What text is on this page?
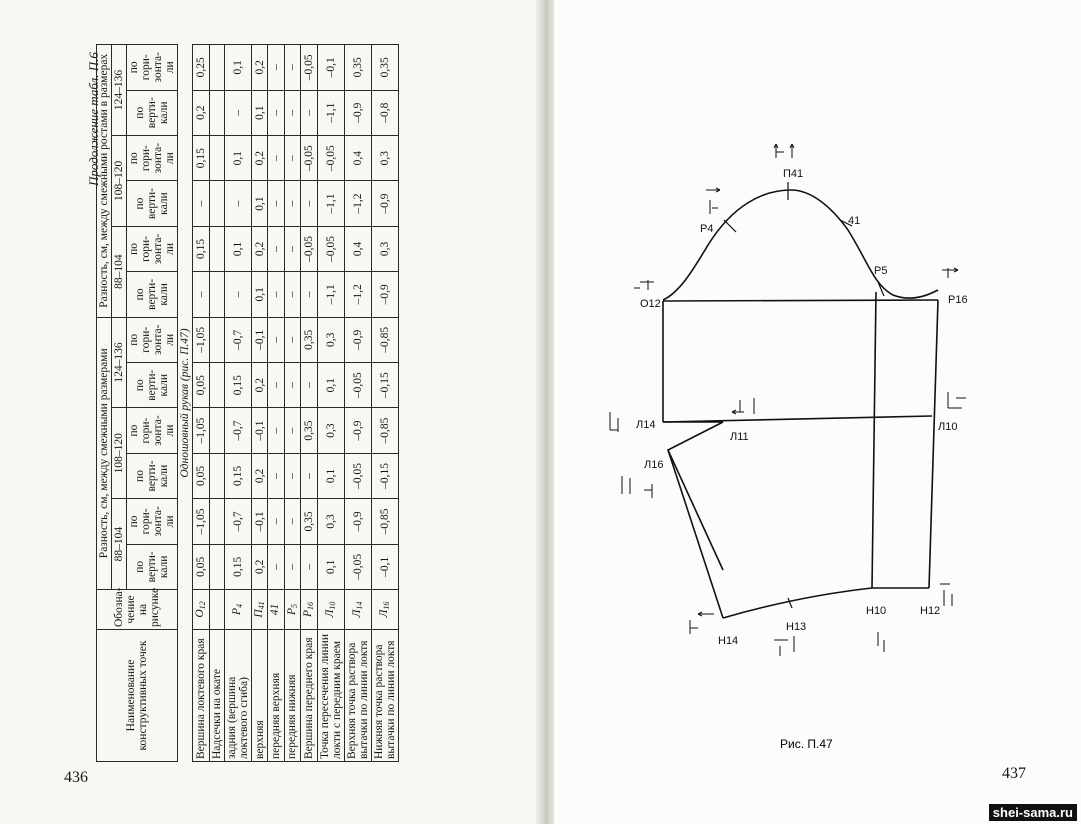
Продолжение табл. П.6
Наименование конструктивных точек	Обозна-чение на рисунке	Разность, см, между смежными размерами						Разность, см, между смежными ростами в размерах					
		88–104		108–120		124–136		88–104		108–120		124–136	
		по верти-кали	по гори-зонта-ли	по верти-кали	по гори-зонта-ли	по верти-кали	по гори-зонта-ли	по верти-кали	по гори-зонта-ли	по верти-кали	по гори-зонта-ли	по верти-кали	по гори-зонта-ли
Одношовный рукав (рис. П.47)													
Вершина локтевого края	$O_{12}$	0,05	–1,05	0,05	–1,05	0,05	–1,05	–	0,15	–	0,15	0,2	0,25
Надсечки на окате													
задния (вершина локтевого сгиба)	$Р_4$	0,15	–0,7	0,15	–0,7	0,15	–0,7	–	0,1	–	0,1	–	0,1
верхняя	$П_{41}$	0,2	–0,1	0,2	–0,1	0,2	–0,1	0,1	0,2	0,1	0,2	0,1	0,2
передняя верхняя	41	–	–	–	–	–	–	–	–	–	–	–	–
передняя нижняя	$Р_5$	–	–	–	–	–	–	–	–	–	–	–	–
Вершина переднего края	$Р_{16}$	–	0,35	–	0,35	–	0,35	–	–0,05	–	–0,05	–	–0,05
Точка пересечения линии локти с передним краем	$Л_{10}$	0,1	0,3	0,1	0,3	0,1	0,3	–1,1	–0,05	–1,1	–0,05	–1,1	–0,1
Верхняя точка раствора вытачки по линии локтя	$Л_{14}$	–0,05	–0,9	–0,05	–0,9	–0,05	–0,9	–1,2	0,4	–1,2	0,4	–0,9	0,35
Нижняя точка раствора вытачки по линии локтя	$Л_{16}$	–0,1	–0,85	–0,15	–0,85	–0,15	–0,85	–0,9	0,3	–0,9	0,3	–0,8	0,35
П41
Р4
41
Р5
О12	Р16
Л14
Л11
Л10
Л16
Н13
Н14
Н10	Н12
Рис. П.47
436	437
shei-sama.ru
